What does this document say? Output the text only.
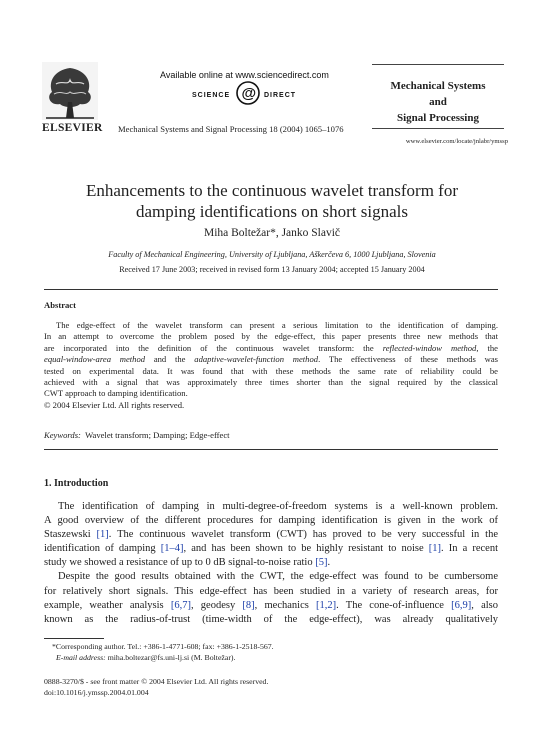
ELSEVIER
Available online at www.sciencedirect.com
SCIENCE @ DIRECT
Mechanical Systems and Signal Processing 18 (2004) 1065–1076
Mechanical Systems
and
Signal Processing
www.elsevier.com/locate/jnlabr/ymssp
Enhancements to the continuous wavelet transform for
damping identifications on short signals
Miha Boltežar*, Janko Slavič
Faculty of Mechanical Engineering, University of Ljubljana, Aškerčeva 6, 1000 Ljubljana, Slovenia
Received 17 June 2003; received in revised form 13 January 2004; accepted 15 January 2004
Abstract
The edge-effect of the wavelet transform can present a serious limitation to the identification of damping.
In an attempt to overcome the problem posed by the edge-effect, this paper presents three new methods that
are incorporated into the definition of the continuous wavelet transform: the reflected-window method, the
equal-window-area method and the adaptive-wavelet-function method. The effectiveness of these methods was
tested on experimental data. It was found that with these methods the same rate of reliability could be
achieved with a signal that was approximately three times shorter than the signal required by the classical
CWT approach to damping identification.
© 2004 Elsevier Ltd. All rights reserved.
Keywords: Wavelet transform; Damping; Edge-effect
1. Introduction
The identification of damping in multi-degree-of-freedom systems is a well-known problem.
A good overview of the different procedures for damping identification is given in the work of
Staszewski [1]. The continuous wavelet transform (CWT) has proved to be very successful in the
identification of damping [1–4], and has been shown to be highly resistant to noise [1]. In a recent
study we showed a resistance of up to 0 dB signal-to-noise ratio [5].
Despite the good results obtained with the CWT, the edge-effect was found to be cumbersome
for relatively short signals. This edge-effect has been studied in a variety of research areas, for
example, weather analysis [6,7], geodesy [8], mechanics [1,2]. The cone-of-influence [6,9], also
known as the radius-of-trust (time-width of the edge-effect), was already qualitatively
*Corresponding author. Tel.: +386-1-4771-608; fax: +386-1-2518-567.
E-mail address: miha.boltezar@fs.uni-lj.si (M. Boltežar).
0888-3270/$ - see front matter © 2004 Elsevier Ltd. All rights reserved.
doi:10.1016/j.ymssp.2004.01.004
